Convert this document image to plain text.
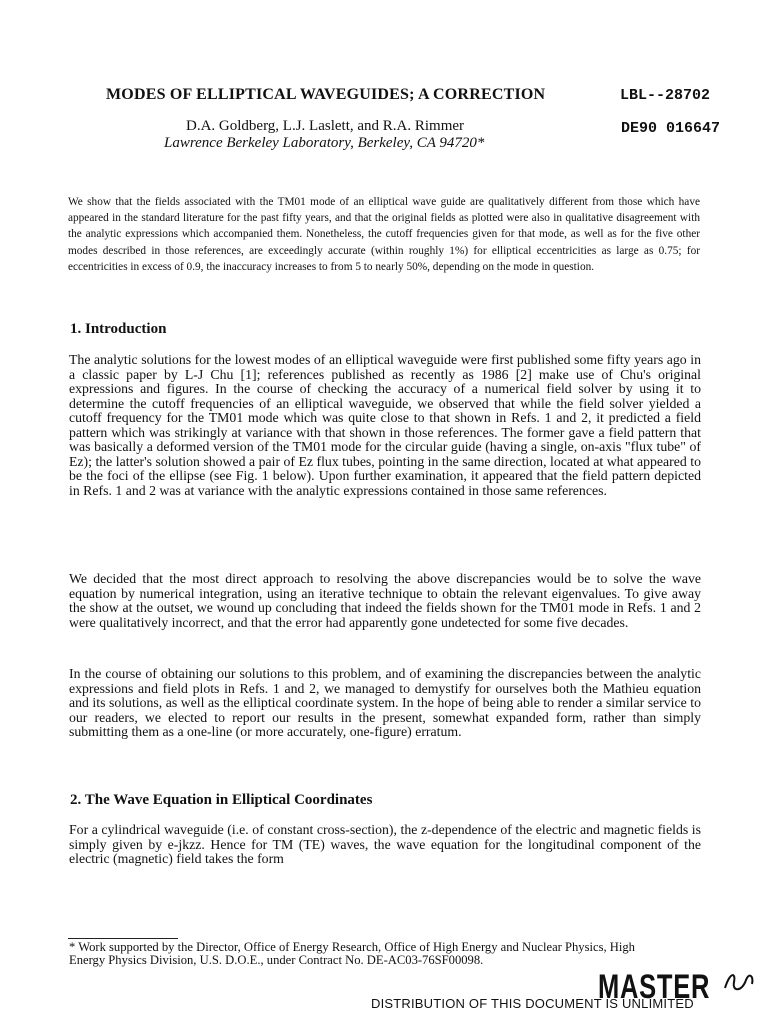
MODES OF ELLIPTICAL WAVEGUIDES; A CORRECTION	LBL--28702
D.A. Goldberg, L.J. Laslett, and R.A. Rimmer	DE90 016647
Lawrence Berkeley Laboratory, Berkeley, CA 94720*
We show that the fields associated with the TM01 mode of an elliptical wave guide are qualitatively different from those which have appeared in the standard literature for the past fifty years, and that the original fields as plotted were also in qualitative disagreement with the analytic expressions which accompanied them. Nonetheless, the cutoff frequencies given for that mode, as well as for the five other modes described in those references, are exceedingly accurate (within roughly 1%) for elliptical eccentricities as large as 0.75; for eccentricities in excess of 0.9, the inaccuracy increases to from 5 to nearly 50%, depending on the mode in question.
1. Introduction
The analytic solutions for the lowest modes of an elliptical waveguide were first published some fifty years ago in a classic paper by L-J Chu [1]; references published as recently as 1986 [2] make use of Chu's original expressions and figures. In the course of checking the accuracy of a numerical field solver by using it to determine the cutoff frequencies of an elliptical waveguide, we observed that while the field solver yielded a cutoff frequency for the TM01 mode which was quite close to that shown in Refs. 1 and 2, it predicted a field pattern which was strikingly at variance with that shown in those references. The former gave a field pattern that was basically a deformed version of the TM01 mode for the circular guide (having a single, on-axis "flux tube" of Ez); the latter's solution showed a pair of Ez flux tubes, pointing in the same direction, located at what appeared to be the foci of the ellipse (see Fig. 1 below). Upon further examination, it appeared that the field pattern depicted in Refs. 1 and 2 was at variance with the analytic expressions contained in those same references.
We decided that the most direct approach to resolving the above discrepancies would be to solve the wave equation by numerical integration, using an iterative technique to obtain the relevant eigenvalues. To give away the show at the outset, we wound up concluding that indeed the fields shown for the TM01 mode in Refs. 1 and 2 were qualitatively incorrect, and that the error had apparently gone undetected for some five decades.
In the course of obtaining our solutions to this problem, and of examining the discrepancies between the analytic expressions and field plots in Refs. 1 and 2, we managed to demystify for ourselves both the Mathieu equation and its solutions, as well as the elliptical coordinate system. In the hope of being able to render a similar service to our readers, we elected to report our results in the present, somewhat expanded form, rather than simply submitting them as a one-line (or more accurately, one-figure) erratum.
2. The Wave Equation in Elliptical Coordinates
For a cylindrical waveguide (i.e. of constant cross-section), the z-dependence of the electric and magnetic fields is simply given by e-jkzz. Hence for TM (TE) waves, the wave equation for the longitudinal component of the electric (magnetic) field takes the form
* Work supported by the Director, Office of Energy Research, Office of High Energy and Nuclear Physics, High Energy Physics Division, U.S. D.O.E., under Contract No. DE-AC03-76SF00098.
DISTRIBUTION OF THIS DOCUMENT IS UNLIMITED
MASTER
